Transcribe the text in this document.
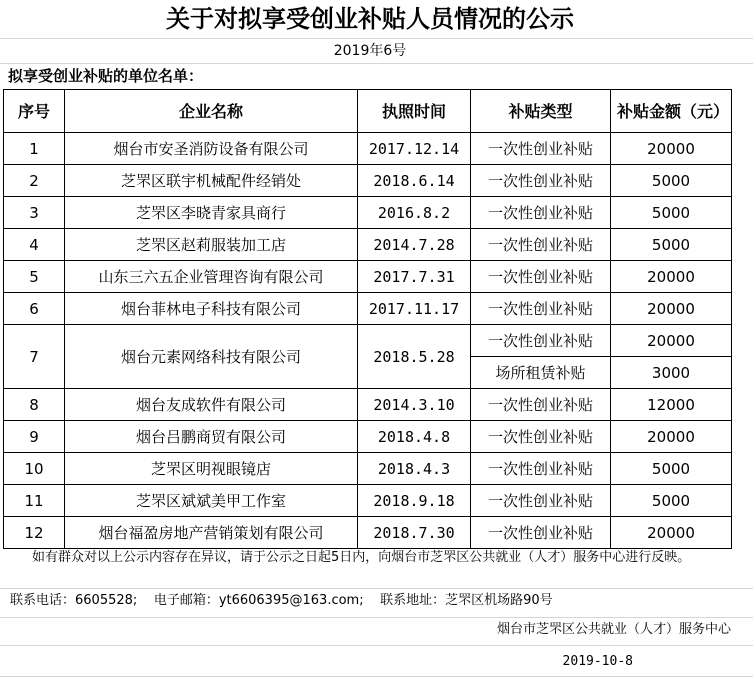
关于对拟享受创业补贴人员情况的公示
2019年6号
拟享受创业补贴的单位名单：
序号	企业名称	执照时间	补贴类型	补贴金额（元）
1	烟台市安圣消防设备有限公司	2017.12.14	一次性创业补贴	20000
2	芝罘区联宇机械配件经销处	2018.6.14	一次性创业补贴	5000
3	芝罘区李晓青家具商行	2016.8.2	一次性创业补贴	5000
4	芝罘区赵莉服装加工店	2014.7.28	一次性创业补贴	5000
5	山东三六五企业管理咨询有限公司	2017.7.31	一次性创业补贴	20000
6	烟台菲林电子科技有限公司	2017.11.17	一次性创业补贴	20000
7	烟台元素网络科技有限公司	2018.5.28	一次性创业补贴	20000
			场所租赁补贴	3000
8	烟台友成软件有限公司	2014.3.10	一次性创业补贴	12000
9	烟台吕鹏商贸有限公司	2018.4.8	一次性创业补贴	20000
10	芝罘区明视眼镜店	2018.4.3	一次性创业补贴	5000
11	芝罘区斌斌美甲工作室	2018.9.18	一次性创业补贴	5000
12	烟台福盈房地产营销策划有限公司	2018.7.30	一次性创业补贴	20000
如有群众对以上公示内容存在异议，请于公示之日起5日内，向烟台市芝罘区公共就业（人才）服务中心进行反映。
联系电话：6605528; 电子邮箱：yt6606395@163.com; 联系地址：芝罘区机场路90号
烟台市芝罘区公共就业（人才）服务中心
2019-10-8
